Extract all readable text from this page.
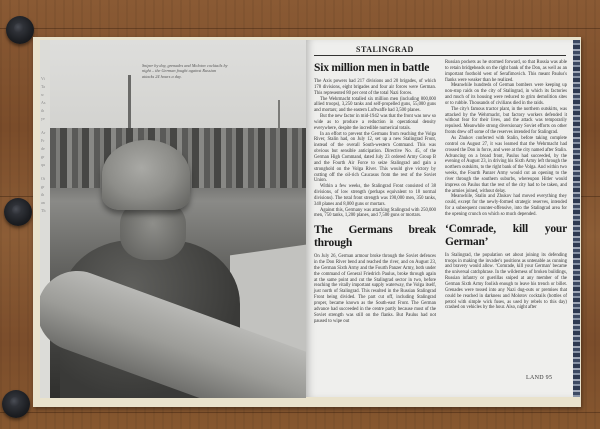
Vi
Ta
w
As
th
ye
Ar
Fr
de
gr
qu
Ot
gr
th
an
Th
Sniper by day, grenades and Molotov cocktails by night – the German fought against Russian attacks 24 hours a day.
STALINGRAD
Six million men in battle

The Axis powers had 217 divisions and 20 brigades, of which 178 divisions, eight brigades and four air forces were German. This represented 80 per cent of the total Nazi forces.

The Wehrmacht totalled six million men (including 800,000 allied troops), 3,250 tanks and self-propelled guns, 55,000 guns and mortars; and the eastern Luftwaffe had 3,500 planes.

But the new factor in mid-1942 was that the front was now so wide as to produce a reduction in operational density everywhere, despite the incredible numerical totals.

In an effort to prevent the Germans from reaching the Volga River, Stalin had, on July 12, set up a new Stalingrad Front, instead of the overall South-western Command. This was obvious but sensible anticipation. Directive No. 45, of the German High Command, dated July 23 ordered Army Group B and the Fourth Air Force to seize Stalingrad and gain a stronghold on the Volga River. This would give victory by cutting off the oil-rich Caucasus from the rest of the Soviet Union.

Within a few weeks, the Stalingrad Front consisted of 38 divisions, of low strength (perhaps equivalent to 18 normal divisions). The total front strength was 190,000 men, 350 tanks, 340 planes and 8,000 guns or mortars.

Against this, Germany was attacking Stalingrad with 250,000 men, 750 tanks, 1,200 planes, and 7,500 guns or mortars.

The Germans break through

On July 26, German armour broke through the Soviet defences in the Don River bend and reached the river, and on August 23, the German Sixth Army and the Fourth Panzer Army, both under the command of General Friedrich Paulus, broke through again at the same point and cut the Stalingrad sector in two, before reaching the vitally important supply waterway, the Volga itself, just north of Stalingrad. This resulted in the Russian Stalingrad Front being divided. The part cut off, including Stalingrad proper, became known as the South-east Front. The German advance had succeeded in the centre partly because most of the Soviet strength was still on the flanks. But Paulus had not paused to wipe out

Russian pockets as he stormed forward, so that Russia was able to retain bridgeheads on the right bank of the Don, as well as an important foothold west of Serafimovich. This meant Paulus's flanks were weaker than he realized.

Meanwhile hundreds of German bombers were keeping up non-stop raids on the city of Stalingrad, in which its factories and much of its housing were reduced to grim demolition sites or to rubble. Thousands of civilians died in the raids.

The city's famous tractor plant, in the northern outskirts, was attacked by the Wehrmacht, but factory workers defended it without fear for their lives, and the attack was temporarily repulsed. Meanwhile strong diversionary Soviet efforts on other fronts drew off some of the reserves intended for Stalingrad.

As Zhukov conferred with Stalin, before taking complete control on August 27, it was learned that the Wehrmacht had crossed the Don in force, and were at the city named after Stalin. Advancing on a broad front, Paulus had succeeded, by the evening of August 23, in driving his Sixth Army left through the northern outskirts, to the right bank of the Volga. And within two weeks, the Fourth Panzer Army would cut an opening to the river through the southern suburbs, whereupon Hitler would impress on Paulus that the rest of the city had to be taken, and the armies joined, without delay.

Meanwhile, Stalin and Zhukov had moved everything they could, except for the newly-formed strategic reserves, intended for a subsequent counter-offensive, into the Stalingrad area for the opening crunch on which so much depended.

‘Comrade, kill your German’

In Stalingrad, the population set about joining its defending troops in making the invader's positions as untenable as cunning and bravery would allow. ‘Comrade, kill your German’ became the universal catchphrase. In the wilderness of broken buildings, Russian infantry or guerillas sniped at any member of the German Sixth Army foolish enough to leave his trench or billet. Grenades were tossed into any Nazi dug-outs or premises that could be reached in darkness and Molotov cocktails (bottles of petrol with simple wick fuses, as used by rebels to this day) crashed on vehicles by the hour. Also, night after

LAND 95
